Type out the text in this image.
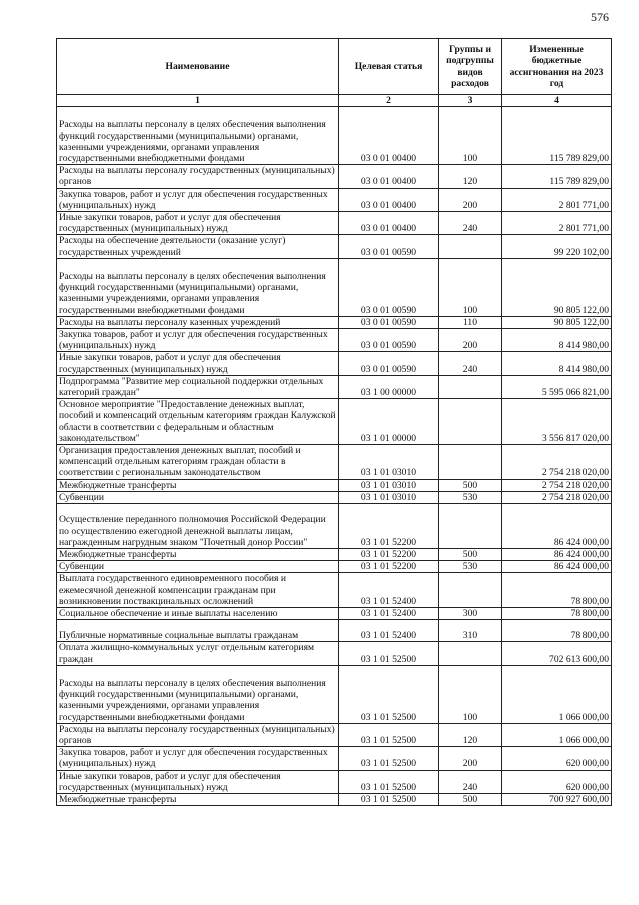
576
Наименование	Целевая статья	Группы и подгруппы видов расходов	Измененные бюджетные ассигнования на 2023 год
1	2	3	4
Расходы на выплаты персоналу в целях обеспечения выполнения функций государственными (муниципальными) органами, казенными учреждениями, органами управления государственными внебюджетными фондами	03 0 01 00400	100	115 789 829,00
Расходы на выплаты персоналу государственных (муниципальных) органов	03 0 01 00400	120	115 789 829,00
Закупка товаров, работ и услуг для обеспечения государственных (муниципальных) нужд	03 0 01 00400	200	2 801 771,00
Иные закупки товаров, работ и услуг для обеспечения государственных (муниципальных) нужд	03 0 01 00400	240	2 801 771,00
Расходы на обеспечение деятельности (оказание услуг) государственных учреждений	03 0 01 00590		99 220 102,00
Расходы на выплаты персоналу в целях обеспечения выполнения функций государственными (муниципальными) органами, казенными учреждениями, органами управления государственными внебюджетными фондами	03 0 01 00590	100	90 805 122,00
Расходы на выплаты персоналу казенных учреждений	03 0 01 00590	110	90 805 122,00
Закупка товаров, работ и услуг для обеспечения государственных (муниципальных) нужд	03 0 01 00590	200	8 414 980,00
Иные закупки товаров, работ и услуг для обеспечения государственных (муниципальных) нужд	03 0 01 00590	240	8 414 980,00
Подпрограмма "Развитие мер социальной поддержки отдельных категорий граждан"	03 1 00 00000		5 595 066 821,00
Основное мероприятие "Предоставление денежных выплат, пособий и компенсаций отдельным категориям граждан Калужской области в соответствии с федеральным и областным законодательством"	03 1 01 00000		3 556 817 020,00
Организация предоставления денежных выплат, пособий и компенсаций отдельным категориям граждан области в соответствии с региональным законодательством	03 1 01 03010		2 754 218 020,00
Межбюджетные трансферты	03 1 01 03010	500	2 754 218 020,00
Субвенции	03 1 01 03010	530	2 754 218 020,00
Осуществление переданного полномочия Российской Федерации по осуществлению ежегодной денежной выплаты лицам, награжденным нагрудным знаком "Почетный донор России"	03 1 01 52200		86 424 000,00
Межбюджетные трансферты	03 1 01 52200	500	86 424 000,00
Субвенции	03 1 01 52200	530	86 424 000,00
Выплата государственного единовременного пособия и ежемесячной денежной компенсации гражданам при возникновении поствакцинальных осложнений	03 1 01 52400		78 800,00
Социальное обеспечение и иные выплаты населению	03 1 01 52400	300	78 800,00
Публичные нормативные социальные выплаты гражданам	03 1 01 52400	310	78 800,00
Оплата жилищно-коммунальных услуг отдельным категориям граждан	03 1 01 52500		702 613 600,00
Расходы на выплаты персоналу в целях обеспечения выполнения функций государственными (муниципальными) органами, казенными учреждениями, органами управления государственными внебюджетными фондами	03 1 01 52500	100	1 066 000,00
Расходы на выплаты персоналу государственных (муниципальных) органов	03 1 01 52500	120	1 066 000,00
Закупка товаров, работ и услуг для обеспечения государственных (муниципальных) нужд	03 1 01 52500	200	620 000,00
Иные закупки товаров, работ и услуг для обеспечения государственных (муниципальных) нужд	03 1 01 52500	240	620 000,00
Межбюджетные трансферты	03 1 01 52500	500	700 927 600,00
